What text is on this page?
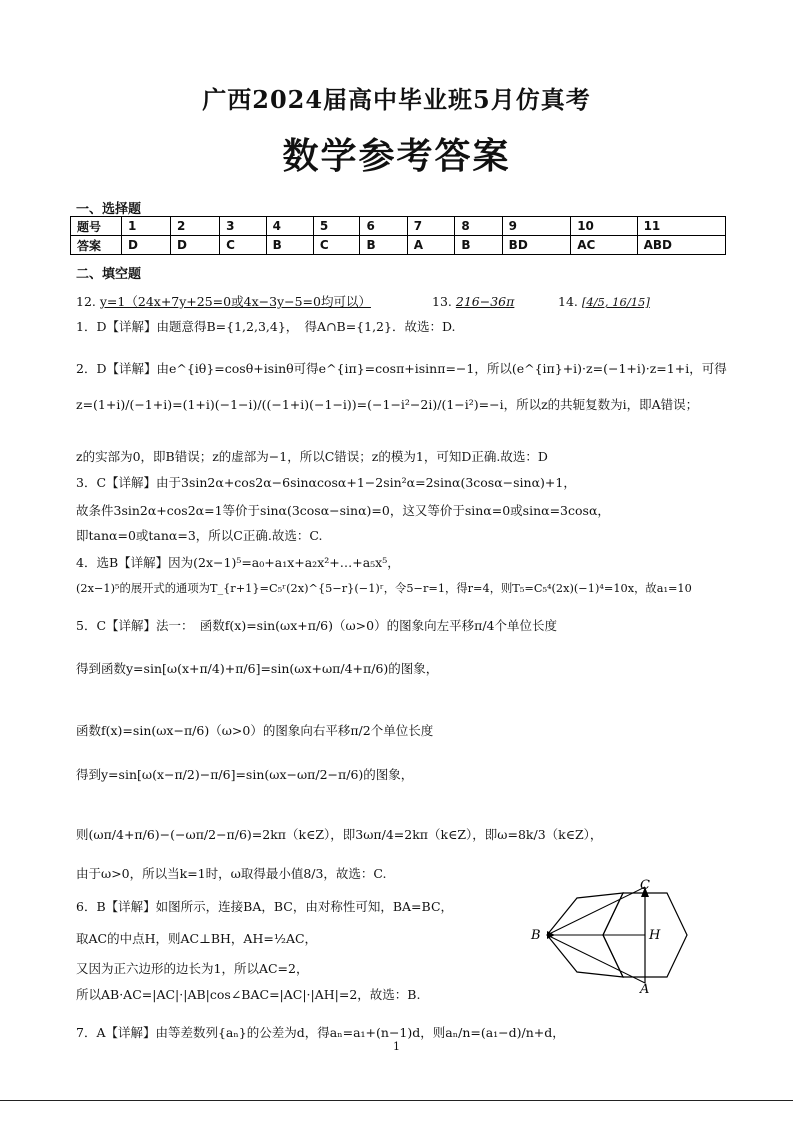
广西2024届高中毕业班5月仿真考
数学参考答案
一、选择题
题号	1	2	3	4	5	6	7	8	9	10	11
答案	D	D	C	B	C	B	A	B	BD	AC	ABD
二、填空题
12. y=1（24x+7y+25=0或4x−3y−5=0均可以）	13. 216−36π	14. [4/5, 16/15]
1．D【详解】由题意得B={1,2,3,4}，　得A∩B={1,2}．故选：D.
2．D【详解】由e^{iθ}=cosθ+isinθ可得e^{iπ}=cosπ+isinπ=−1，所以(e^{iπ}+i)·z=(−1+i)·z=1+i，可得
z=(1+i)/(−1+i)=(1+i)(−1−i)/((−1+i)(−1−i))=(−1−i²−2i)/(1−i²)=−i，所以z的共轭复数为i，即A错误；
z的实部为0，即B错误；z的虚部为−1，所以C错误；z的模为1，可知D正确.故选：D
3．C【详解】由于3sin2α+cos2α−6sinαcosα+1−2sin²α=2sinα(3cosα−sinα)+1，
故条件3sin2α+cos2α=1等价于sinα(3cosα−sinα)=0，这又等价于sinα=0或sinα=3cosα，
即tanα=0或tanα=3，所以C正确.故选：C.
4．选B【详解】因为(2x−1)⁵=a₀+a₁x+a₂x²+…+a₅x⁵，
(2x−1)⁵的展开式的通项为T_{r+1}=C₅ʳ(2x)^{5−r}(−1)ʳ，令5−r=1，得r=4，则T₅=C₅⁴(2x)(−1)⁴=10x，故a₁=10
5．C【详解】法一：　函数f(x)=sin(ωx+π/6)（ω>0）的图象向左平移π/4个单位长度
得到函数y=sin[ω(x+π/4)+π/6]=sin(ωx+ωπ/4+π/6)的图象，
函数f(x)=sin(ωx−π/6)（ω>0）的图象向右平移π/2个单位长度
得到y=sin[ω(x−π/2)−π/6]=sin(ωx−ωπ/2−π/6)的图象，
则(ωπ/4+π/6)−(−ωπ/2−π/6)=2kπ（k∈Z），即3ωπ/4=2kπ（k∈Z），即ω=8k/3（k∈Z），
由于ω>0，所以当k=1时，ω取得最小值8/3，故选：C.
6．B【详解】如图所示，连接BA，BC，由对称性可知，BA=BC，
取AC的中点H，则AC⊥BH，AH=½AC，
又因为正六边形的边长为1，所以AC=2，
所以AB·AC=|AC|·|AB|cos∠BAC=|AC|·|AH|=2，故选：B.
C
B	H
A
7．A【详解】由等差数列{aₙ}的公差为d，得aₙ=a₁+(n−1)d，则aₙ/n=(a₁−d)/n+d，
1
